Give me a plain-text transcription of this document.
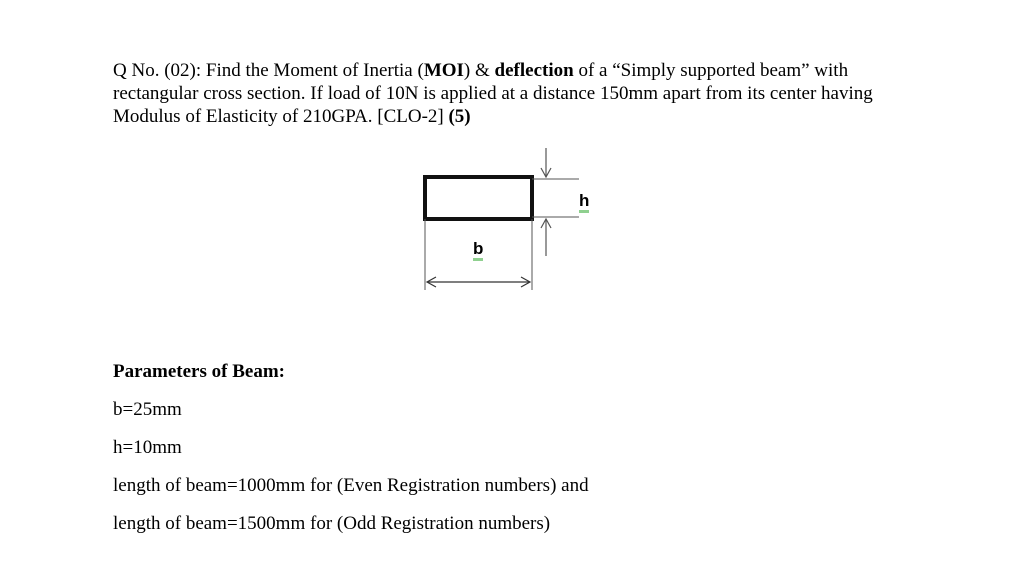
Q No. (02): Find the Moment of Inertia (MOI) & deflection of a “Simply supported beam” with
rectangular cross section. If load of 10N is applied at a distance 150mm apart from its center having
Modulus of Elasticity of 210GPA. [CLO-2] (5)
h
b
Parameters of Beam:
b=25mm
h=10mm
length of beam=1000mm for (Even Registration numbers) and
length of beam=1500mm for (Odd Registration numbers)
